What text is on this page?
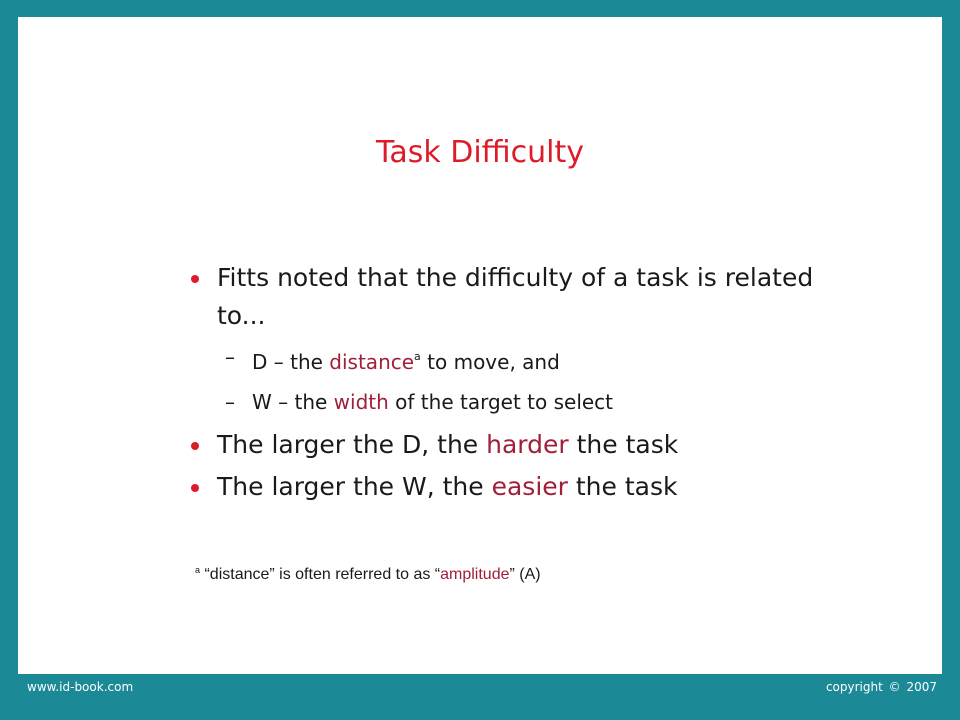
Task Difficulty
Fitts noted that the difficulty of a task is related to...
– D – the distance$^a$ to move, and
– W – the width of the target to select
The larger the D, the harder the task
The larger the W, the easier the task
$^a$ “distance” is often referred to as “amplitude” (A)
www.id-book.com	copyright © 2007
